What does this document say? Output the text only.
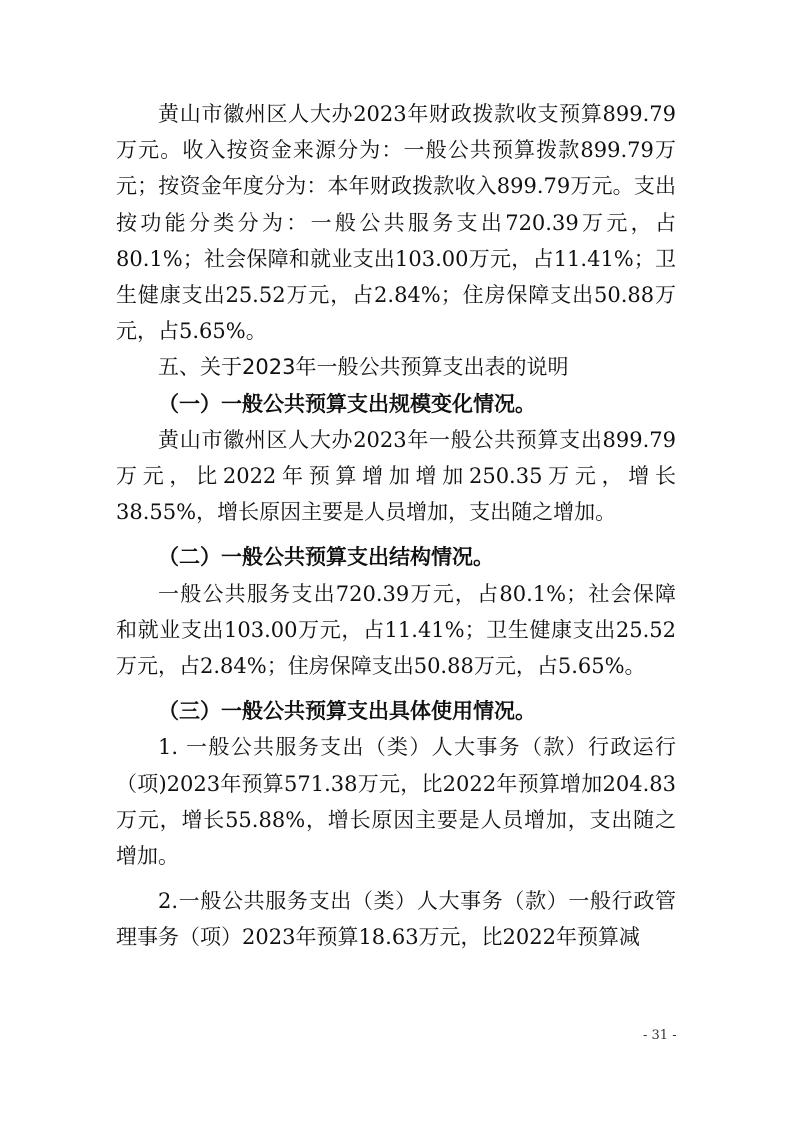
黄山市徽州区人大办2023年财政拨款收支预算899.79万元。收入按资金来源分为：一般公共预算拨款899.79万元；按资金年度分为：本年财政拨款收入899.79万元。支出按功能分类分为：一般公共服务支出720.39万元，占80.1%；社会保障和就业支出103.00万元，占11.41%；卫生健康支出25.52万元，占2.84%；住房保障支出50.88万元，占5.65%。

五、关于2023年一般公共预算支出表的说明

（一）一般公共预算支出规模变化情况。

黄山市徽州区人大办2023年一般公共预算支出899.79万元，比2022年预算增加增加250.35万元，增长38.55%，增长原因主要是人员增加，支出随之增加。

（二）一般公共预算支出结构情况。

一般公共服务支出720.39万元，占80.1%；社会保障和就业支出103.00万元，占11.41%；卫生健康支出25.52万元，占2.84%；住房保障支出50.88万元，占5.65%。

（三）一般公共预算支出具体使用情况。

1. 一般公共服务支出（类）人大事务（款）行政运行（项)2023年预算571.38万元，比2022年预算增加204.83万元，增长55.88%，增长原因主要是人员增加，支出随之增加。

2.一般公共服务支出（类）人大事务（款）一般行政管理事务（项）2023年预算18.63万元，比2022年预算减

- 31 -
